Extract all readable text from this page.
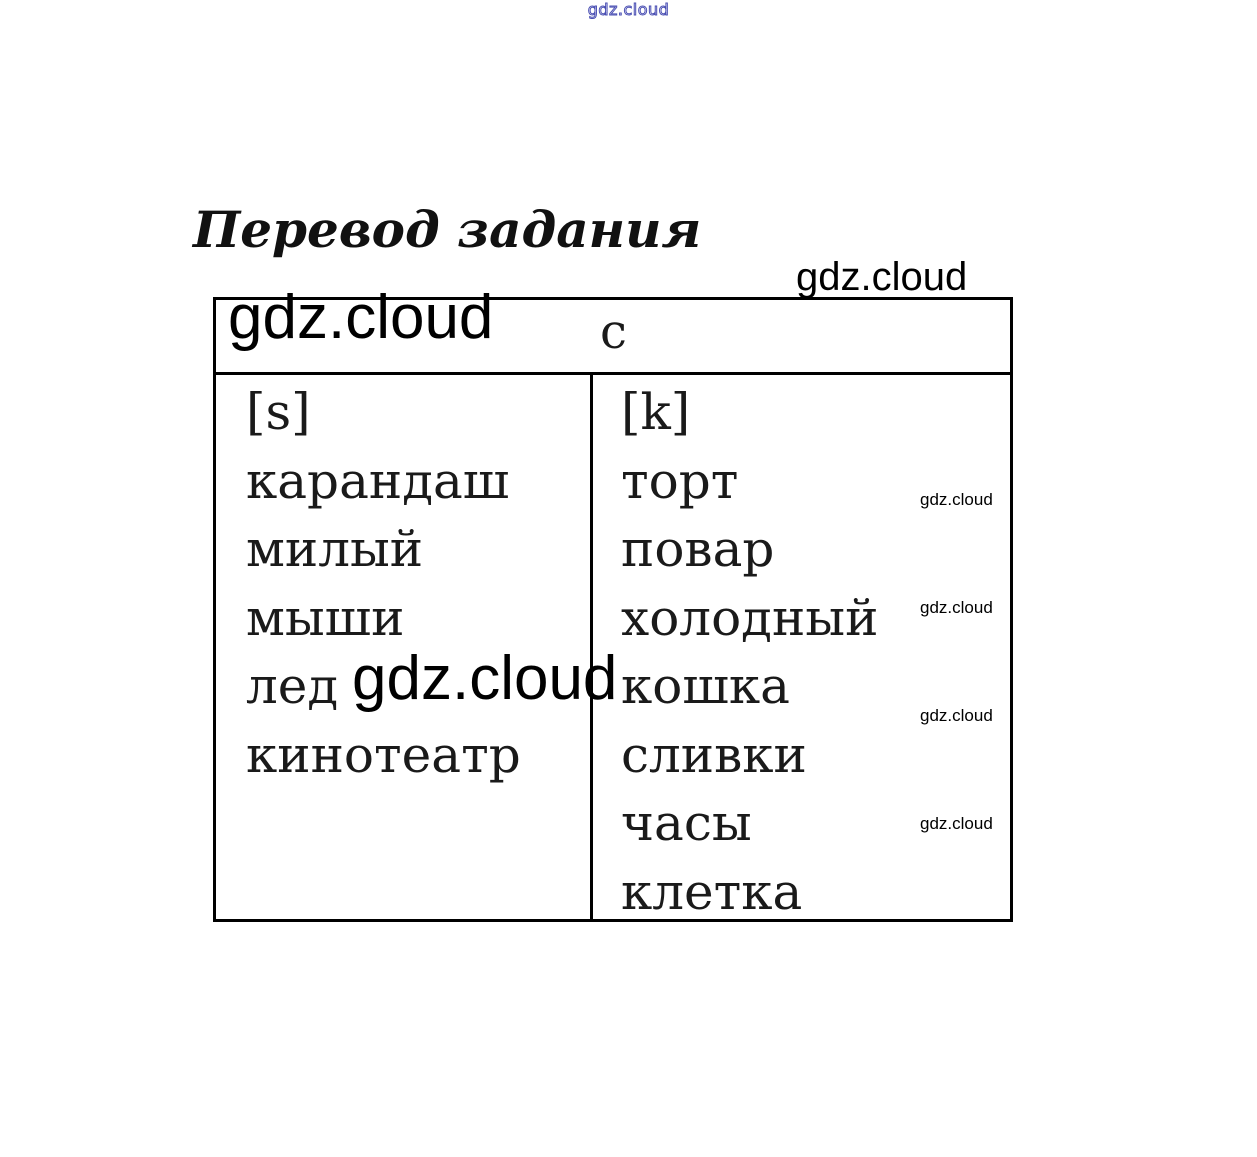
gdz.cloud
Перевод задания
gdz.cloud
с
[s]
карандаш
милый
мыши
лед
кинотеатр
[k]
торт
повар
холодный
кошка
сливки
часы
клетка
gdz.cloud
gdz.cloud
gdz.cloud
gdz.cloud
gdz.cloud
gdz.cloud
